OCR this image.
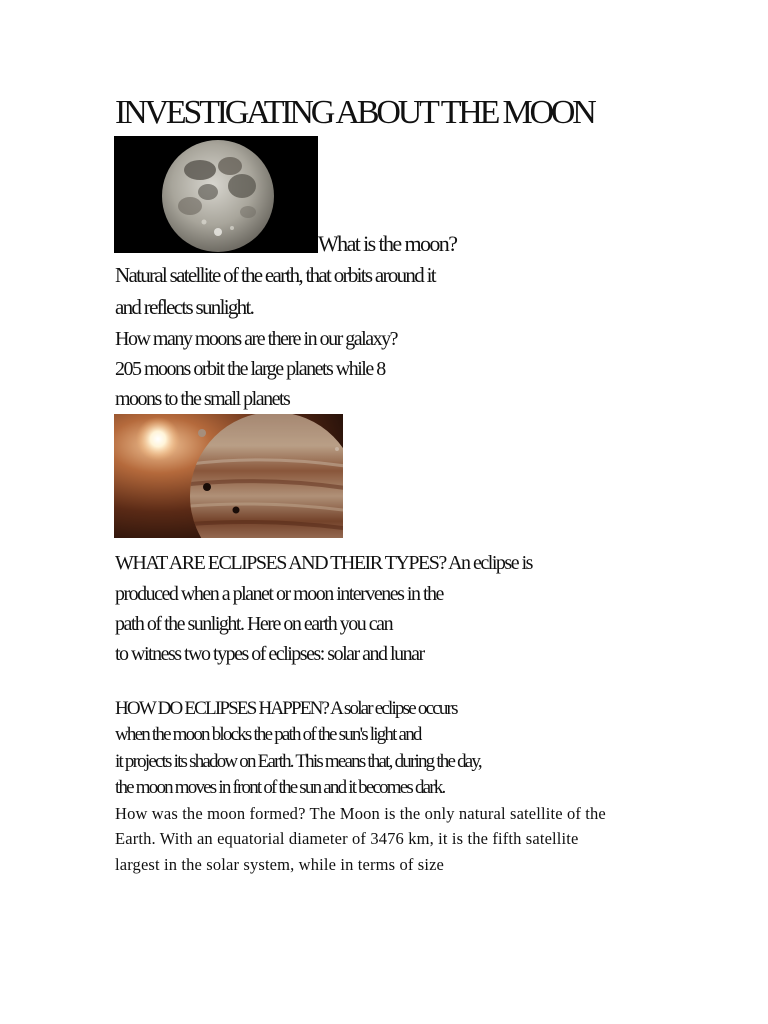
INVESTIGATING ABOUT THE MOON
What is the moon?
Natural satellite of the earth, that orbits around it
and reflects sunlight.
How many moons are there in our galaxy?
205 moons orbit the large planets while 8
moons to the small planets
WHAT ARE ECLIPSES AND THEIR TYPES? An eclipse is
produced when a planet or moon intervenes in the
path of the sunlight. Here on earth you can
to witness two types of eclipses: solar and lunar
HOW DO ECLIPSES HAPPEN? A solar eclipse occurs
when the moon blocks the path of the sun's light and
it projects its shadow on Earth. This means that, during the day,
the moon moves in front of the sun and it becomes dark.
How was the moon formed? The Moon is the only natural satellite of the
Earth. With an equatorial diameter of 3476 km, it is the fifth satellite
largest in the solar system, while in terms of size
